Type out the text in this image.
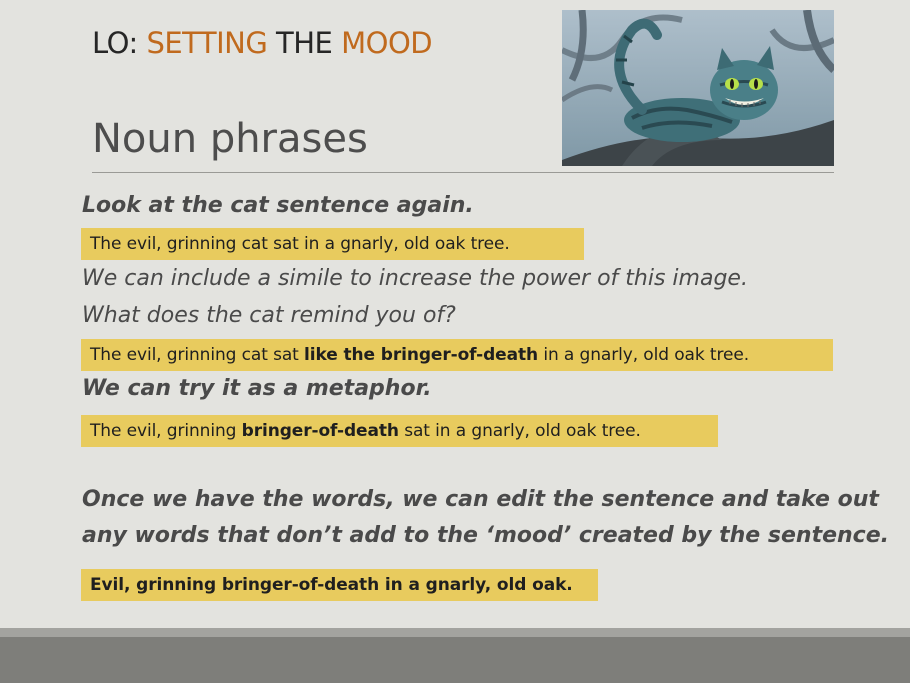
LO: SETTING THE MOOD
Noun phrases
Look at the cat sentence again.
The evil, grinning cat sat in a gnarly, old oak tree.
We can include a simile to increase the power of this image.
What does the cat remind you of?
The evil, grinning cat sat like the bringer-of-death in a gnarly, old oak tree.
We can try it as a metaphor.
The evil, grinning bringer-of-death sat in a gnarly, old oak tree.
Once we have the words, we can edit the sentence and take out
any words that don’t add to the ‘mood’ created by the sentence.
Evil, grinning bringer-of-death in a gnarly, old oak.
